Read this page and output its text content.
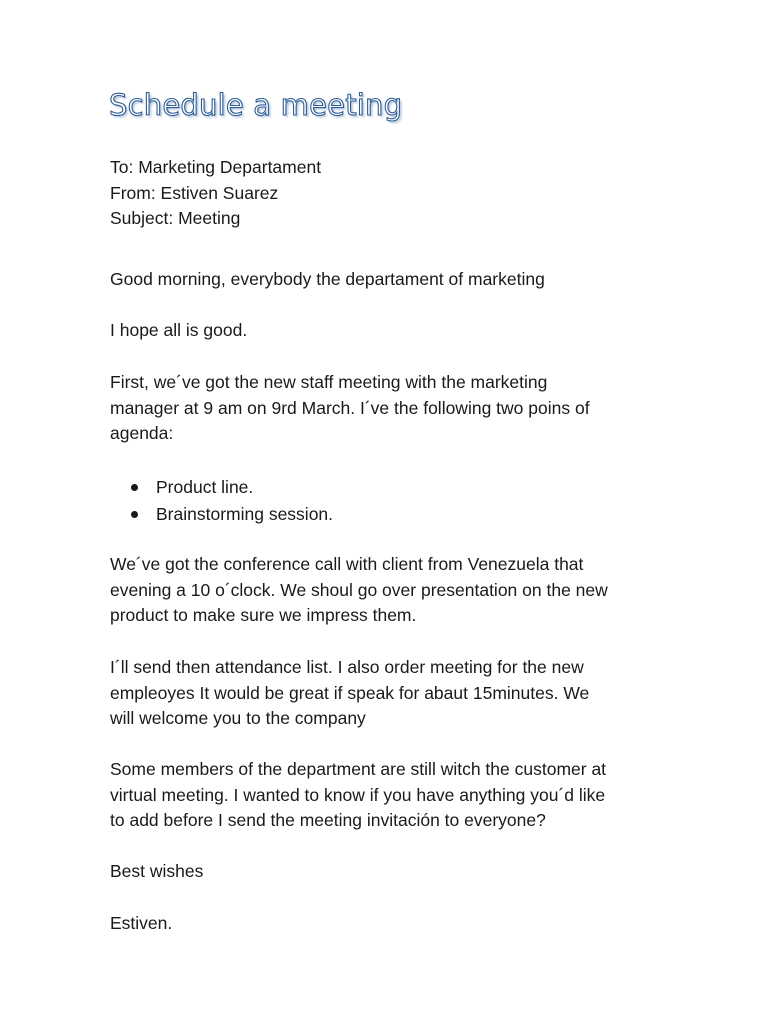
Schedule a meeting
To: Marketing Departament
From: Estiven Suarez
Subject: Meeting

Good morning, everybody the departament of marketing

I hope all is good.

First, we´ve got the new staff meeting with the marketing
manager at 9 am on 9rd March. I´ve the following two poins of
agenda:
Product line.
Brainstorming session.
We´ve got the conference call with client from Venezuela that
evening a 10 o´clock. We shoul go over presentation on the new
product to make sure we impress them.
I´ll send then attendance list. I also order meeting for the new
empleoyes It would be great if speak for abaut 15minutes. We
will welcome you to the company
Some members of the department are still witch the customer at
virtual meeting. I wanted to know if you have anything you´d like
to add before I send the meeting invitación to everyone?

Best wishes

Estiven.
